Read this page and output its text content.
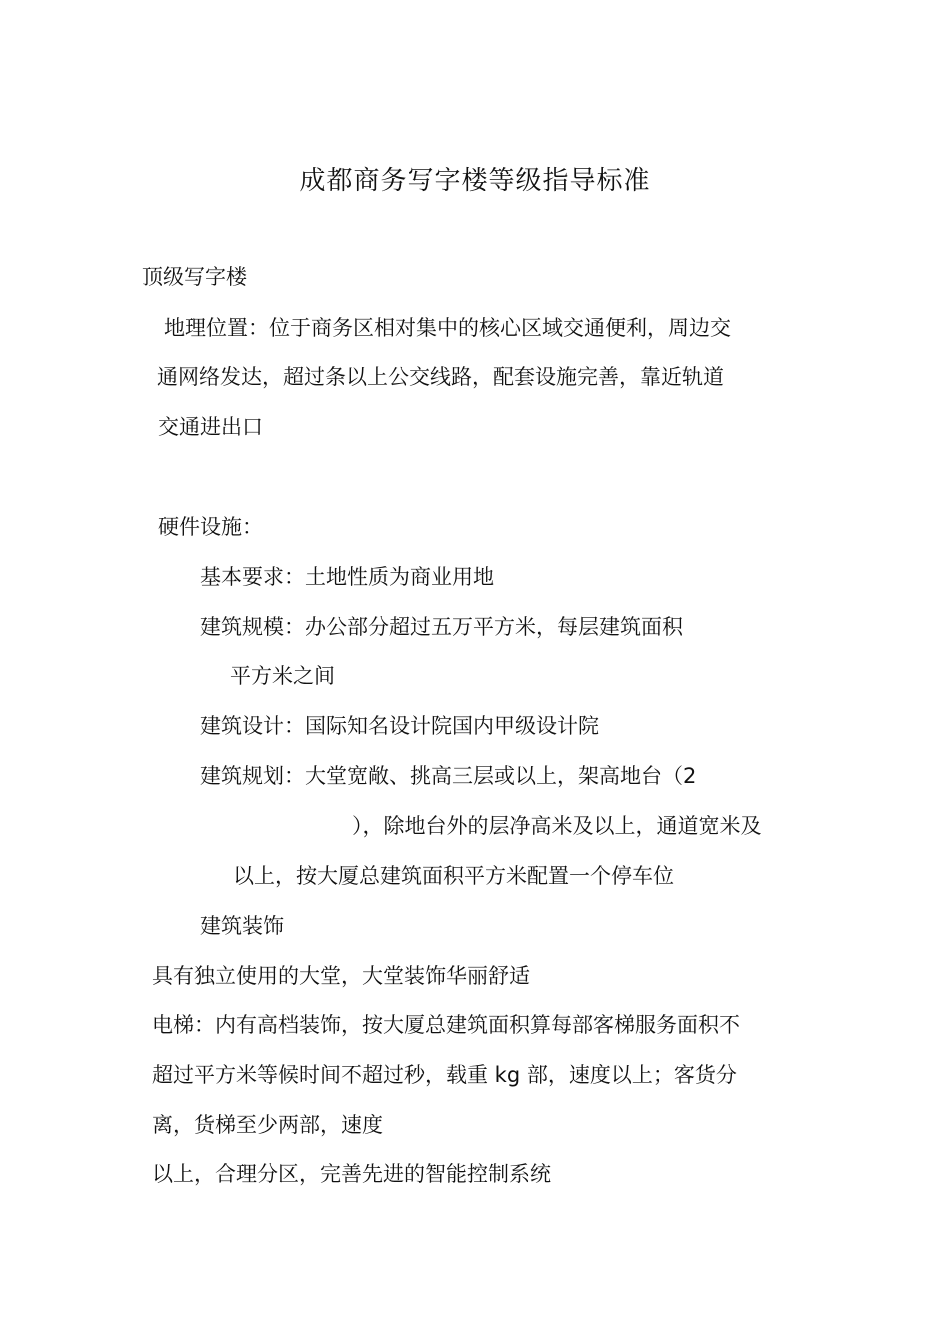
成都商务写字楼等级指导标准
顶级写字楼
地理位置：位于商务区相对集中的核心区域交通便利，周边交
通网络发达，超过条以上公交线路，配套设施完善，靠近轨道
交通进出口
硬件设施：
基本要求：土地性质为商业用地
建筑规模：办公部分超过五万平方米，每层建筑面积
平方米之间
建筑设计：国际知名设计院国内甲级设计院
建筑规划：大堂宽敞、挑高三层或以上，架高地台（2
），除地台外的层净高米及以上，通道宽米及
以上，按大厦总建筑面积平方米配置一个停车位
建筑装饰
具有独立使用的大堂，大堂装饰华丽舒适
电梯：内有高档装饰，按大厦总建筑面积算每部客梯服务面积不
超过平方米等候时间不超过秒，载重 kg 部，速度以上；客货分
离，货梯至少两部，速度
以上，合理分区，完善先进的智能控制系统
